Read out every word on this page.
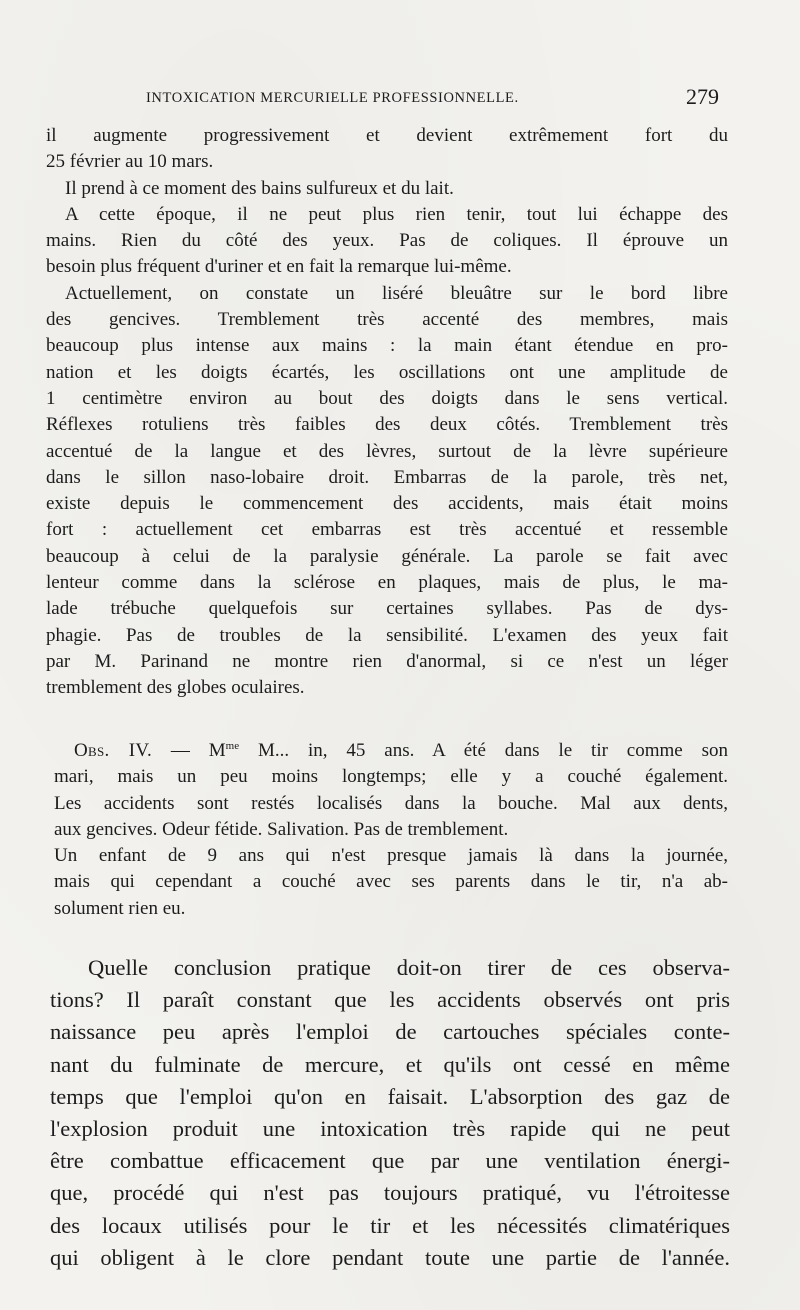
INTOXICATION MERCURIELLE PROFESSIONNELLE.	279
il augmente progressivement et devient extrêmement fort du
25 février au 10 mars.
Il prend à ce moment des bains sulfureux et du lait.
A cette époque, il ne peut plus rien tenir, tout lui échappe des
mains. Rien du côté des yeux. Pas de coliques. Il éprouve un
besoin plus fréquent d'uriner et en fait la remarque lui-même.
Actuellement, on constate un liséré bleuâtre sur le bord libre
des gencives. Tremblement très accenté des membres, mais
beaucoup plus intense aux mains : la main étant étendue en pro-
nation et les doigts écartés, les oscillations ont une amplitude de
1 centimètre environ au bout des doigts dans le sens vertical.
Réflexes rotuliens très faibles des deux côtés. Tremblement très
accentué de la langue et des lèvres, surtout de la lèvre supérieure
dans le sillon naso-lobaire droit. Embarras de la parole, très net,
existe depuis le commencement des accidents, mais était moins
fort : actuellement cet embarras est très accentué et ressemble
beaucoup à celui de la paralysie générale. La parole se fait avec
lenteur comme dans la sclérose en plaques, mais de plus, le ma-
lade trébuche quelquefois sur certaines syllabes. Pas de dys-
phagie. Pas de troubles de la sensibilité. L'examen des yeux fait
par M. Parinand ne montre rien d'anormal, si ce n'est un léger
tremblement des globes oculaires.
Obs. IV. — $M^{me}$ M... in, 45 ans. A été dans le tir comme son
mari, mais un peu moins longtemps; elle y a couché également.
Les accidents sont restés localisés dans la bouche. Mal aux dents,
aux gencives. Odeur fétide. Salivation. Pas de tremblement.
Un enfant de 9 ans qui n'est presque jamais là dans la journée,
mais qui cependant a couché avec ses parents dans le tir, n'a ab-
solument rien eu.
Quelle conclusion pratique doit-on tirer de ces observa-
tions? Il paraît constant que les accidents observés ont pris
naissance peu après l'emploi de cartouches spéciales conte-
nant du fulminate de mercure, et qu'ils ont cessé en même
temps que l'emploi qu'on en faisait. L'absorption des gaz de
l'explosion produit une intoxication très rapide qui ne peut
être combattue efficacement que par une ventilation énergi-
que, procédé qui n'est pas toujours pratiqué, vu l'étroitesse
des locaux utilisés pour le tir et les nécessités climatériques
qui obligent à le clore pendant toute une partie de l'année.
